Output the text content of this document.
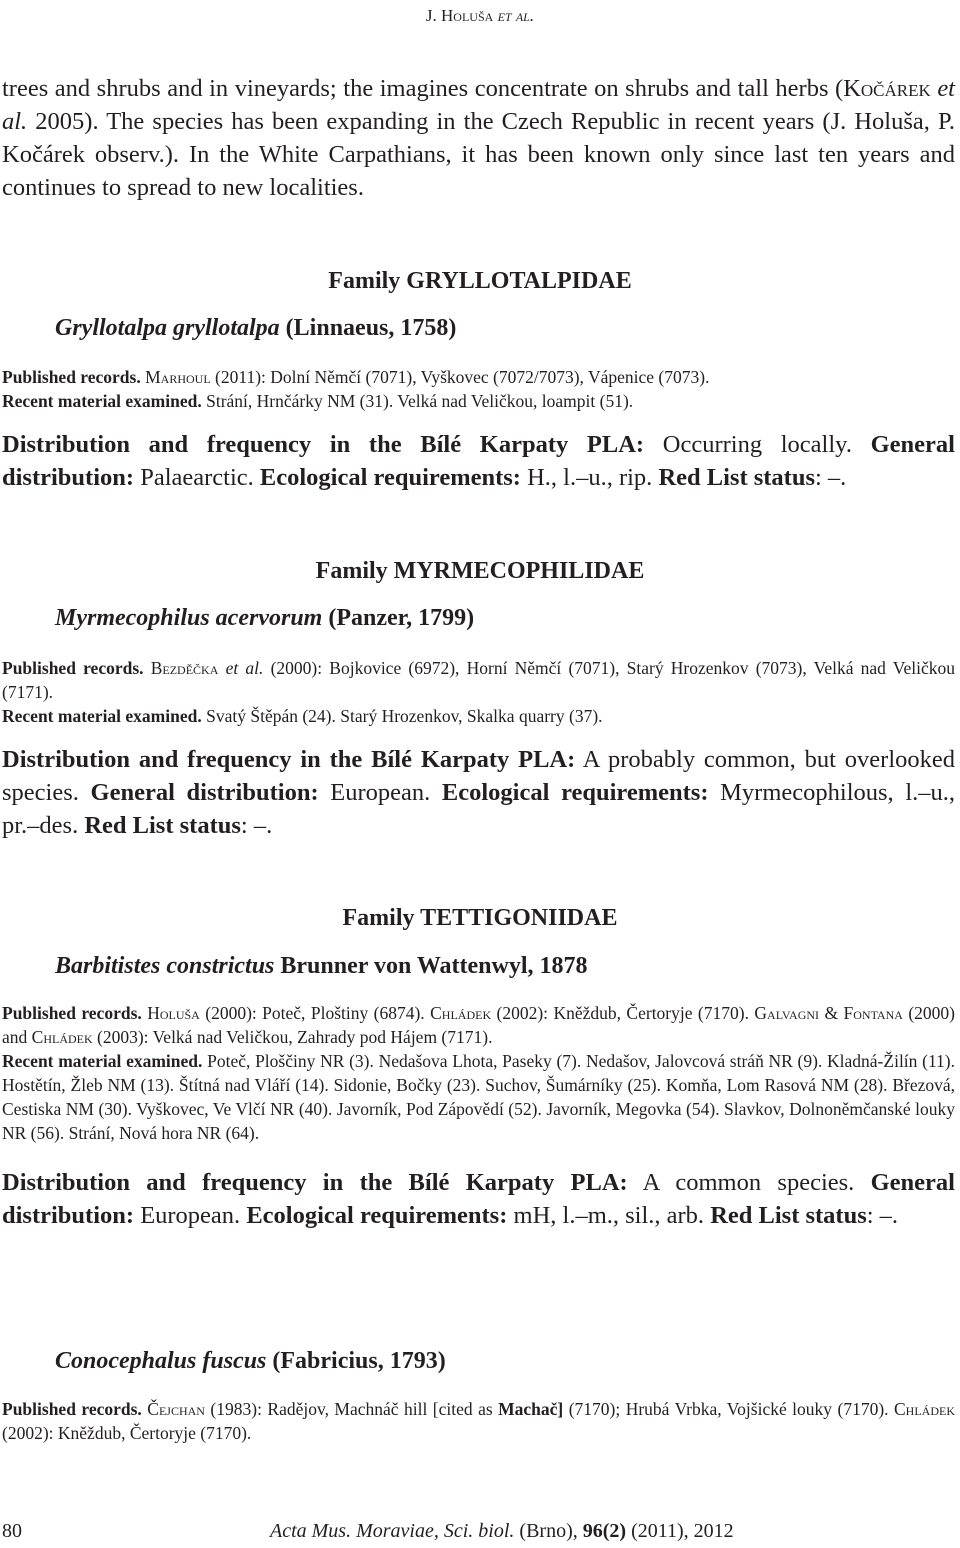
J. Holuša et al.
trees and shrubs and in vineyards; the imagines concentrate on shrubs and tall herbs (Kočárek et al. 2005). The species has been expanding in the Czech Republic in recent years (J. Holuša, P. Kočárek observ.). In the White Carpathians, it has been known only since last ten years and continues to spread to new localities.
Family GRYLLOTALPIDAE
Gryllotalpa gryllotalpa (Linnaeus, 1758)

Published records. Marhoul (2011): Dolní Němčí (7071), Vyškovec (7072/7073), Vápenice (7073).

Recent material examined. Strání, Hrnčárky NM (31). Velká nad Veličkou, loampit (51).

Distribution and frequency in the Bílé Karpaty PLA: Occurring locally. General distribution: Palaearctic. Ecological requirements: H., l.–u., rip. Red List status: –.
Family MYRMECOPHILIDAE
Myrmecophilus acervorum (Panzer, 1799)

Published records. Bezděčka et al. (2000): Bojkovice (6972), Horní Němčí (7071), Starý Hrozenkov (7073), Velká nad Veličkou (7171).

Recent material examined. Svatý Štěpán (24). Starý Hrozenkov, Skalka quarry (37).

Distribution and frequency in the Bílé Karpaty PLA: A probably common, but overlooked species. General distribution: European. Ecological requirements: Myrmecophilous, l.–u., pr.–des. Red List status: –.
Family TETTIGONIIDAE
Barbitistes constrictus Brunner von Wattenwyl, 1878

Published records. Holuša (2000): Poteč, Ploštiny (6874). Chládek (2002): Kněždub, Čertoryje (7170). Galvagni & Fontana (2000) and Chládek (2003): Velká nad Veličkou, Zahrady pod Hájem (7171).

Recent material examined. Poteč, Ploščiny NR (3). Nedašova Lhota, Paseky (7). Nedašov, Jalovcová stráň NR (9). Kladná-Žilín (11). Hostětín, Žleb NM (13). Štítná nad Vláří (14). Sidonie, Bočky (23). Suchov, Šumárníky (25). Komňa, Lom Rasová NM (28). Březová, Cestiska NM (30). Vyškovec, Ve Vlčí NR (40). Javorník, Pod Zápovědí (52). Javorník, Megovka (54). Slavkov, Dolnoněmčanské louky NR (56). Strání, Nová hora NR (64).

Distribution and frequency in the Bílé Karpaty PLA: A common species. General distribution: European. Ecological requirements: mH, l.–m., sil., arb. Red List status: –.
Conocephalus fuscus (Fabricius, 1793)

Published records. Čejchan (1983): Radějov, Machnáč hill [cited as Machač] (7170); Hrubá Vrbka, Vojšické louky (7170). Chládek (2002): Kněždub, Čertoryje (7170).

80	Acta Mus. Moraviae, Sci. biol. (Brno), 96(2) (2011), 2012
